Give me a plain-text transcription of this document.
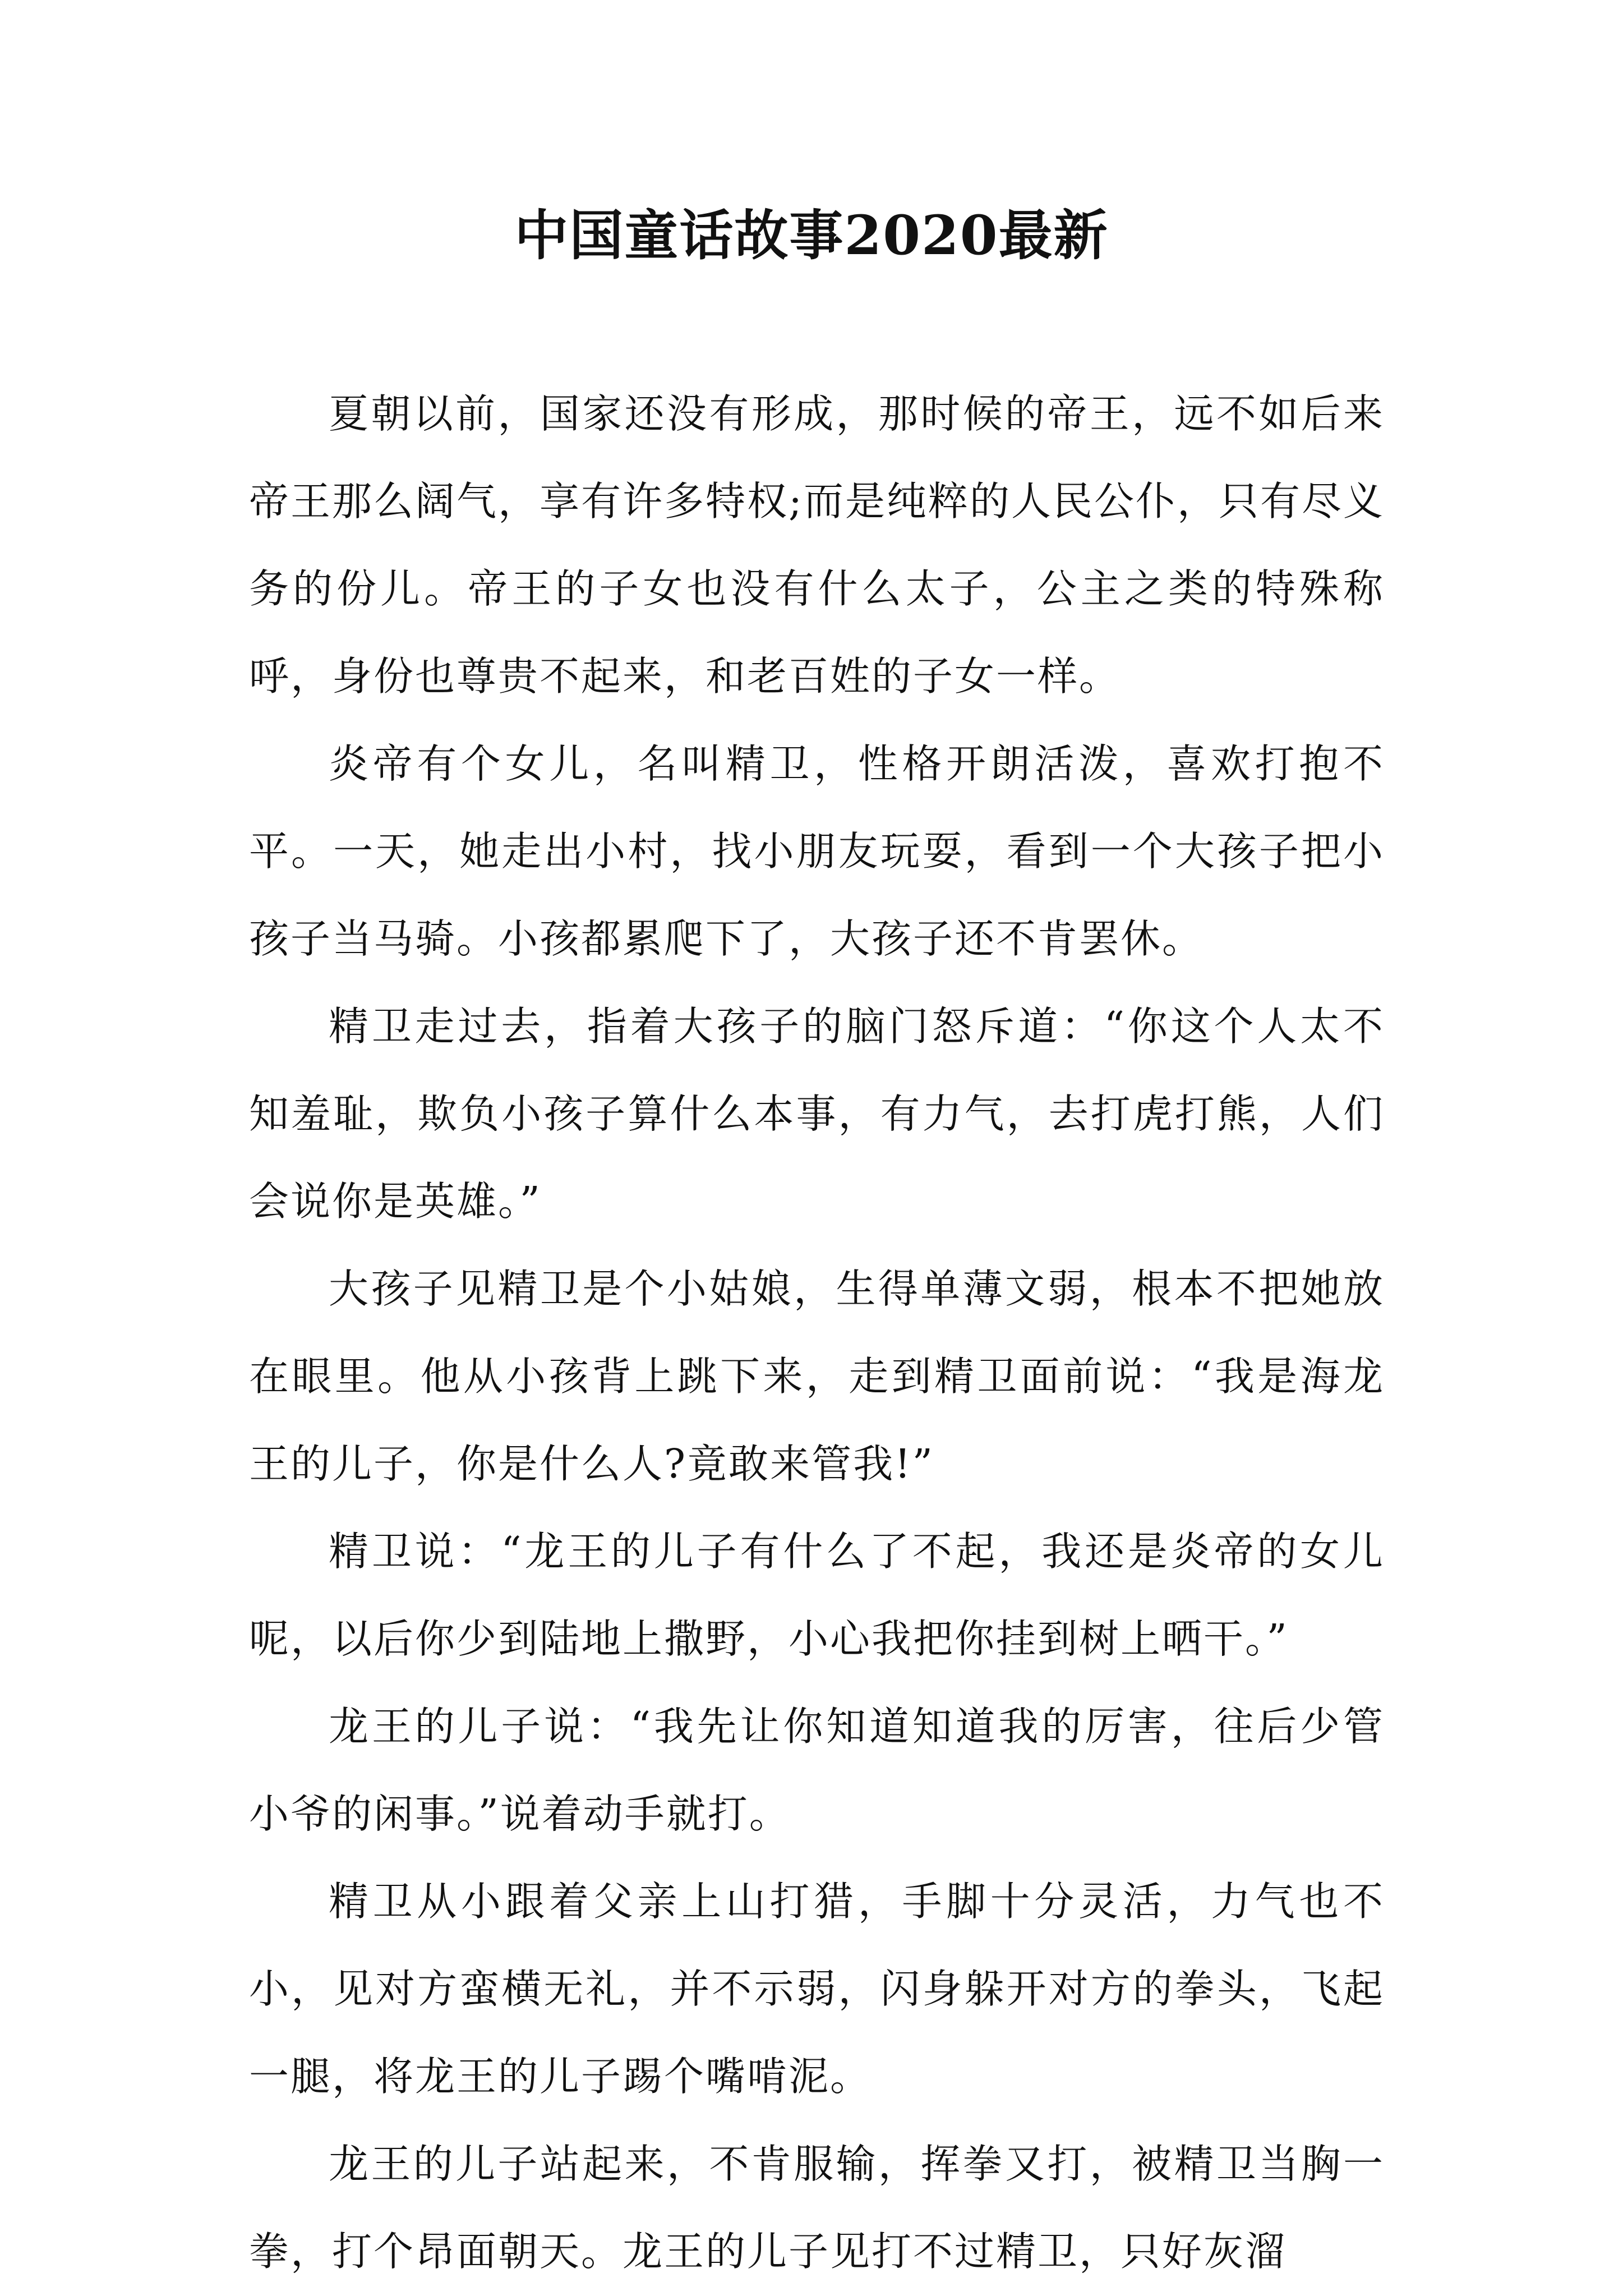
中国童话故事2020最新

夏朝以前，国家还没有形成，那时候的帝王，远不如后来帝王那么阔气，享有许多特权;而是纯粹的人民公仆，只有尽义务的份儿。帝王的子女也没有什么太子，公主之类的特殊称呼，身份也尊贵不起来，和老百姓的子女一样。

炎帝有个女儿，名叫精卫，性格开朗活泼，喜欢打抱不平。一天，她走出小村，找小朋友玩耍，看到一个大孩子把小孩子当马骑。小孩都累爬下了，大孩子还不肯罢休。

精卫走过去，指着大孩子的脑门怒斥道：“你这个人太不知羞耻，欺负小孩子算什么本事，有力气，去打虎打熊，人们会说你是英雄。”

大孩子见精卫是个小姑娘，生得单薄文弱，根本不把她放在眼里。他从小孩背上跳下来，走到精卫面前说：“我是海龙王的儿子，你是什么人?竟敢来管我!”

精卫说：“龙王的儿子有什么了不起，我还是炎帝的女儿呢，以后你少到陆地上撒野，小心我把你挂到树上晒干。”

龙王的儿子说：“我先让你知道知道我的厉害，往后少管小爷的闲事。”说着动手就打。

精卫从小跟着父亲上山打猎，手脚十分灵活，力气也不小，见对方蛮横无礼，并不示弱，闪身躲开对方的拳头，飞起一腿，将龙王的儿子踢个嘴啃泥。

龙王的儿子站起来，不肯服输，挥拳又打，被精卫当胸一拳，打个昂面朝天。龙王的儿子见打不过精卫，只好灰溜
